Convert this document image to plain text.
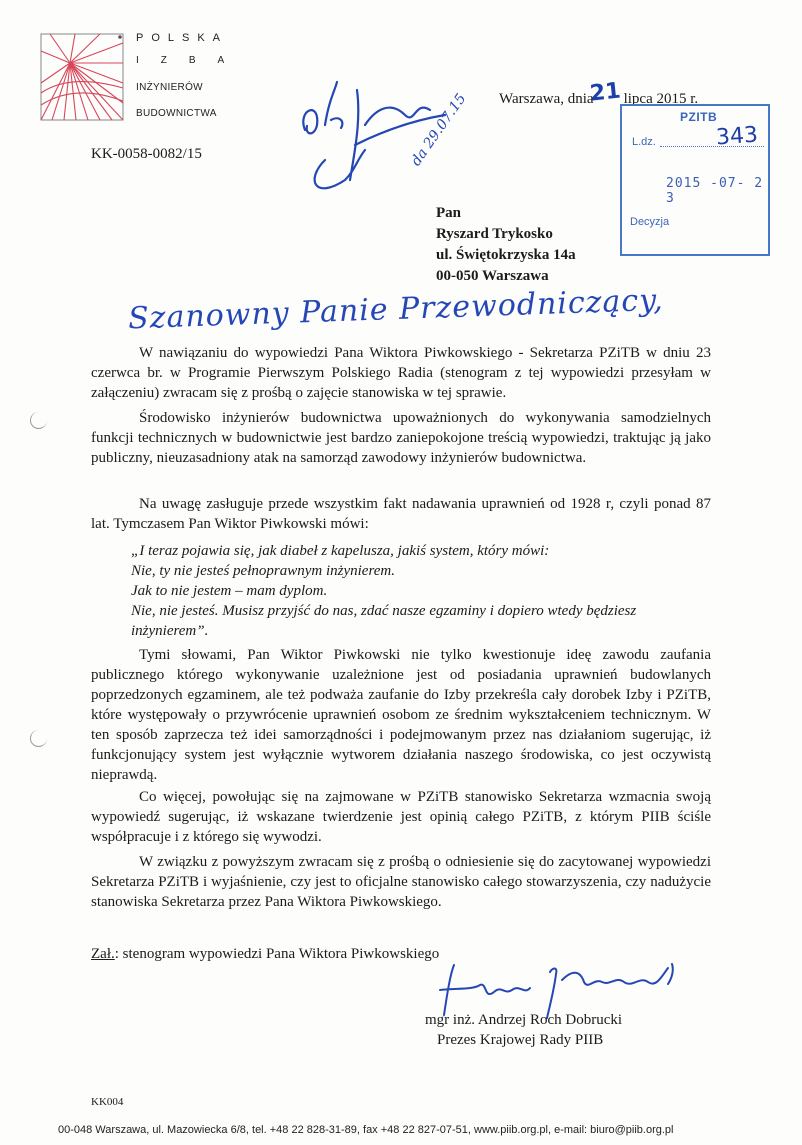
POLSKA
IZBA
INŻYNIERÓW
BUDOWNICTWA
KK-0058-0082/15
Warszawa, dnia lipca 2015 r.
21
da 29.07.15	PZITB
L.dz.	343
2015 -07- 2 3
Decyzja
Pan
Ryszard Trykosko
ul. Świętokrzyska 14a
00-050 Warszawa
Szanowny Panie Przewodniczący,
W nawiązaniu do wypowiedzi Pana Wiktora Piwkowskiego - Sekretarza PZiTB w dniu 23 czerwca br. w Programie Pierwszym Polskiego Radia (stenogram z tej wypowiedzi przesyłam w załączeniu) zwracam się z prośbą o zajęcie stanowiska w tej sprawie.
Środowisko inżynierów budownictwa upoważnionych do wykonywania samodzielnych funkcji technicznych w budownictwie jest bardzo zaniepokojone treścią wypowiedzi, traktując ją jako publiczny, nieuzasadniony atak na samorząd zawodowy inżynierów budownictwa.
Na uwagę zasługuje przede wszystkim fakt nadawania uprawnień od 1928 r, czyli ponad 87 lat. Tymczasem Pan Wiktor Piwkowski mówi:
„I teraz pojawia się, jak diabeł z kapelusza, jakiś system, który mówi:
Nie, ty nie jesteś pełnoprawnym inżynierem.
Jak to nie jestem – mam dyplom.
Nie, nie jesteś. Musisz przyjść do nas, zdać nasze egzaminy i dopiero wtedy będziesz inżynierem”.
Tymi słowami, Pan Wiktor Piwkowski nie tylko kwestionuje ideę zawodu zaufania publicznego którego wykonywanie uzależnione jest od posiadania uprawnień budowlanych poprzedzonych egzaminem, ale też podważa zaufanie do Izby przekreśla cały dorobek Izby i PZiTB, które występowały o przywrócenie uprawnień osobom ze średnim wykształceniem technicznym. W ten sposób zaprzecza też idei samorządności i podejmowanym przez nas działaniom sugerując, iż funkcjonujący system jest wyłącznie wytworem działania naszego środowiska, co jest oczywistą nieprawdą.
Co więcej, powołując się na zajmowane w PZiTB stanowisko Sekretarza wzmacnia swoją wypowiedź sugerując, iż wskazane twierdzenie jest opinią całego PZiTB, z którym PIIB ściśle współpracuje i z którego się wywodzi.
W związku z powyższym zwracam się z prośbą o odniesienie się do zacytowanej wypowiedzi Sekretarza PZiTB i wyjaśnienie, czy jest to oficjalne stanowisko całego stowarzyszenia, czy nadużycie stanowiska Sekretarza przez Pana Wiktora Piwkowskiego.
Zał.: stenogram wypowiedzi Pana Wiktora Piwkowskiego
mgr inż. Andrzej Roch Dobrucki
Prezes Krajowej Rady PIIB
KK004
00-048 Warszawa, ul. Mazowiecka 6/8, tel. +48 22 828-31-89, fax +48 22 827-07-51, www.piib.org.pl, e-mail: biuro@piib.org.pl
